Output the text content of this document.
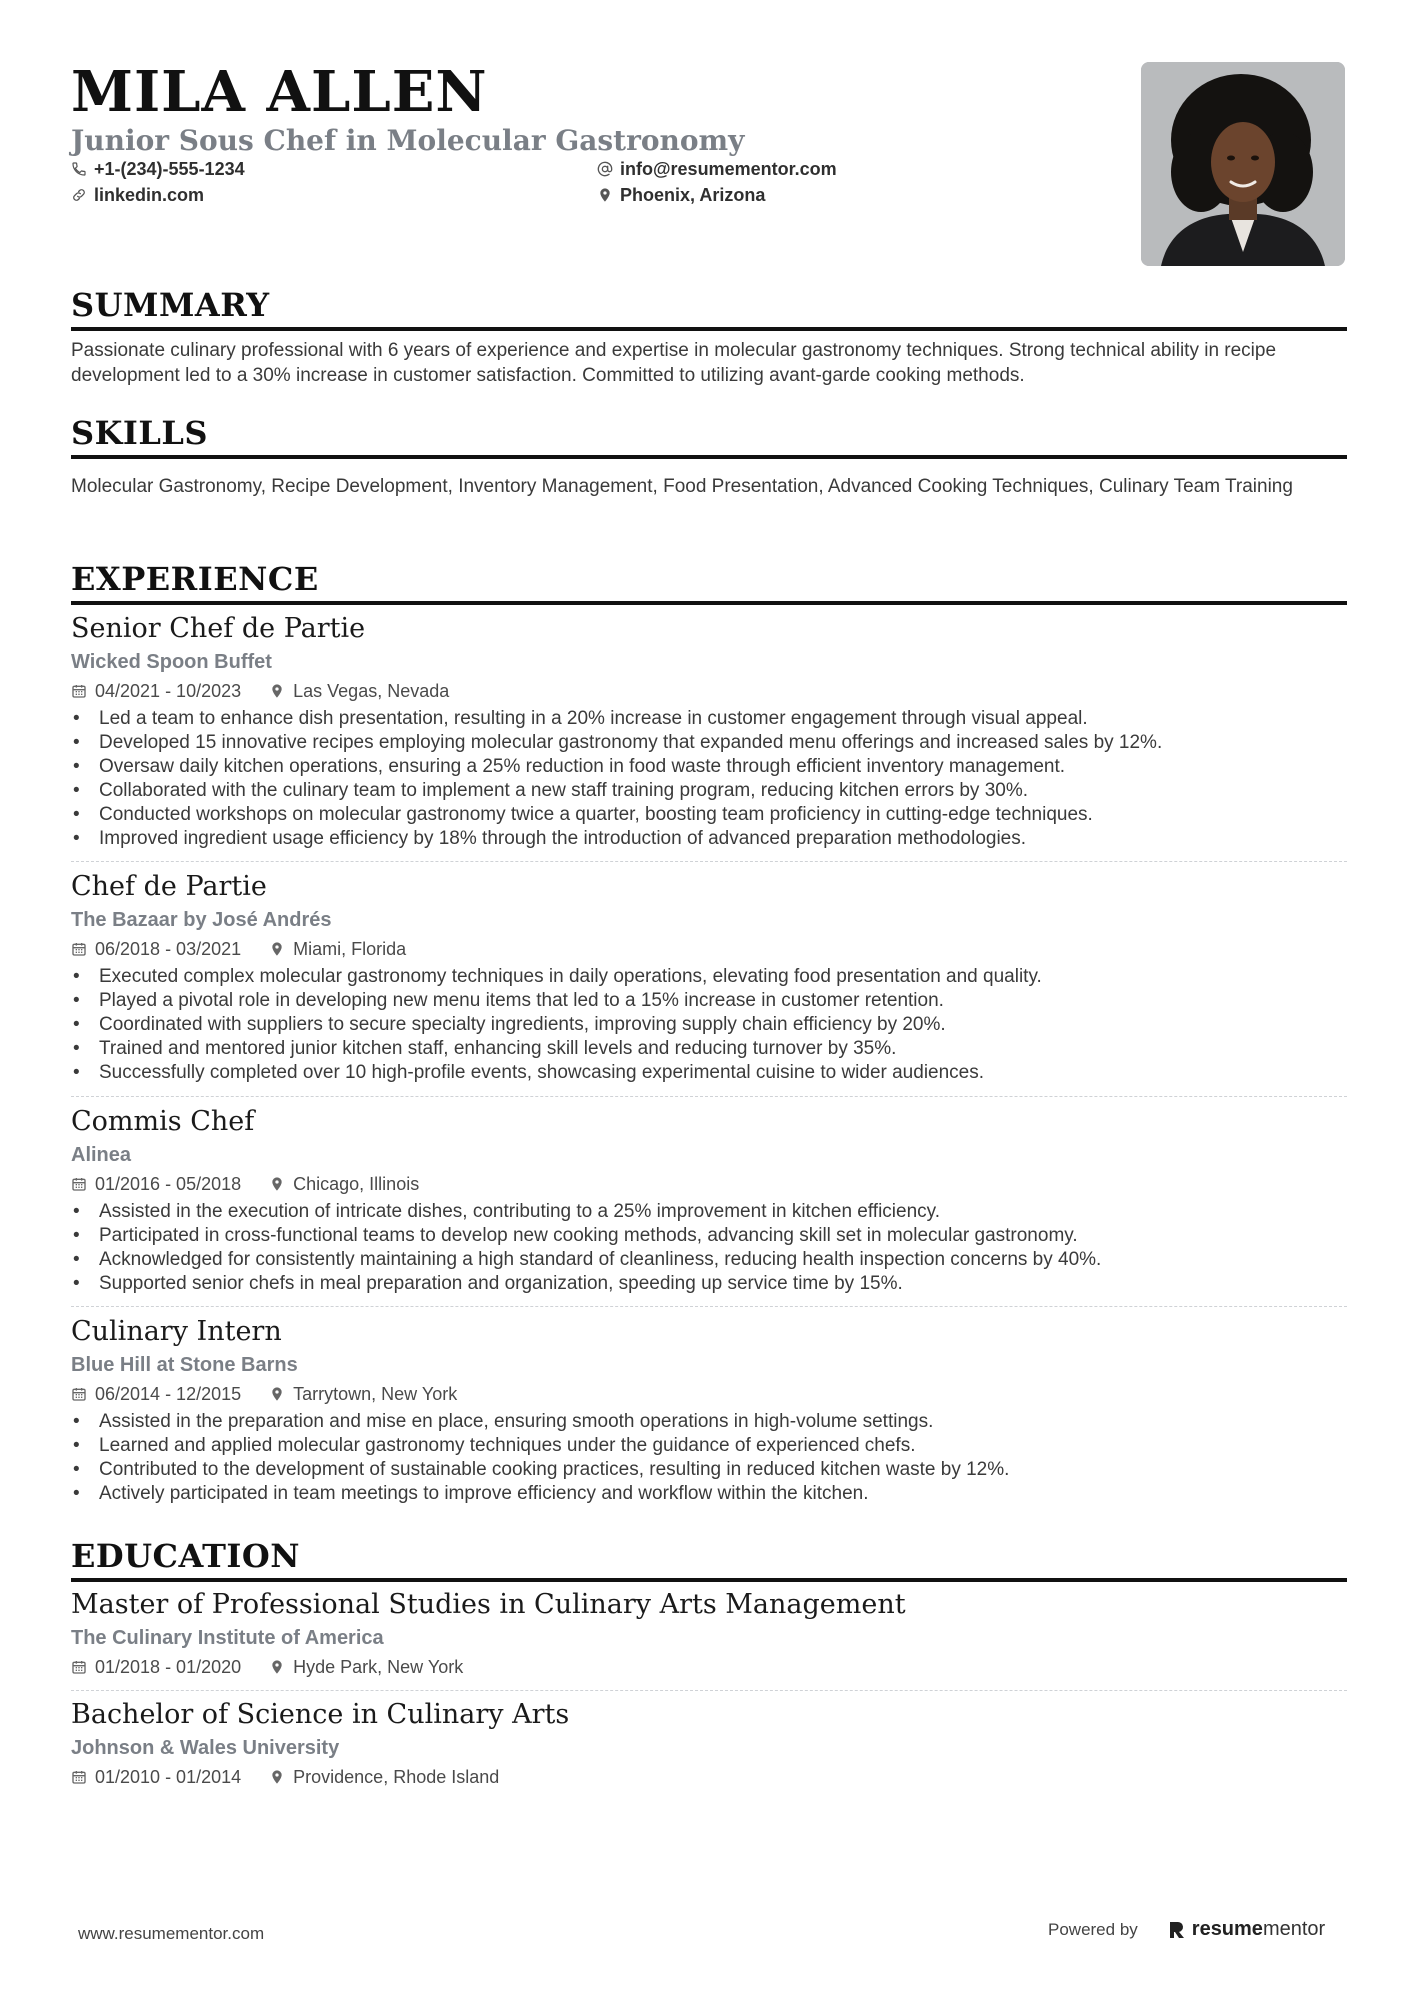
MILA ALLEN
Junior Sous Chef in Molecular Gastronomy
+1-(234)-555-1234
linkedin.com
info@resumementor.com
Phoenix, Arizona
SUMMARY
Passionate culinary professional with 6 years of experience and expertise in molecular gastronomy techniques. Strong technical ability in recipe development led to a 30% increase in customer satisfaction. Committed to utilizing avant-garde cooking methods.
SKILLS
Molecular Gastronomy, Recipe Development, Inventory Management, Food Presentation, Advanced Cooking Techniques, Culinary Team Training
EXPERIENCE
Senior Chef de Partie
Wicked Spoon Buffet
04/2021 - 10/2023	Las Vegas, Nevada
• Led a team to enhance dish presentation, resulting in a 20% increase in customer engagement through visual appeal.
• Developed 15 innovative recipes employing molecular gastronomy that expanded menu offerings and increased sales by 12%.
• Oversaw daily kitchen operations, ensuring a 25% reduction in food waste through efficient inventory management.
• Collaborated with the culinary team to implement a new staff training program, reducing kitchen errors by 30%.
• Conducted workshops on molecular gastronomy twice a quarter, boosting team proficiency in cutting-edge techniques.
• Improved ingredient usage efficiency by 18% through the introduction of advanced preparation methodologies.
Chef de Partie
The Bazaar by José Andrés
06/2018 - 03/2021	Miami, Florida
• Executed complex molecular gastronomy techniques in daily operations, elevating food presentation and quality.
• Played a pivotal role in developing new menu items that led to a 15% increase in customer retention.
• Coordinated with suppliers to secure specialty ingredients, improving supply chain efficiency by 20%.
• Trained and mentored junior kitchen staff, enhancing skill levels and reducing turnover by 35%.
• Successfully completed over 10 high-profile events, showcasing experimental cuisine to wider audiences.
Commis Chef
Alinea
01/2016 - 05/2018	Chicago, Illinois
• Assisted in the execution of intricate dishes, contributing to a 25% improvement in kitchen efficiency.
• Participated in cross-functional teams to develop new cooking methods, advancing skill set in molecular gastronomy.
• Acknowledged for consistently maintaining a high standard of cleanliness, reducing health inspection concerns by 40%.
• Supported senior chefs in meal preparation and organization, speeding up service time by 15%.
Culinary Intern
Blue Hill at Stone Barns
06/2014 - 12/2015	Tarrytown, New York
• Assisted in the preparation and mise en place, ensuring smooth operations in high-volume settings.
• Learned and applied molecular gastronomy techniques under the guidance of experienced chefs.
• Contributed to the development of sustainable cooking practices, resulting in reduced kitchen waste by 12%.
• Actively participated in team meetings to improve efficiency and workflow within the kitchen.
EDUCATION
Master of Professional Studies in Culinary Arts Management
The Culinary Institute of America
01/2018 - 01/2020	Hyde Park, New York
Bachelor of Science in Culinary Arts
Johnson & Wales University
01/2010 - 01/2014	Providence, Rhode Island
www.resumementor.com	Powered by	resume mentor
